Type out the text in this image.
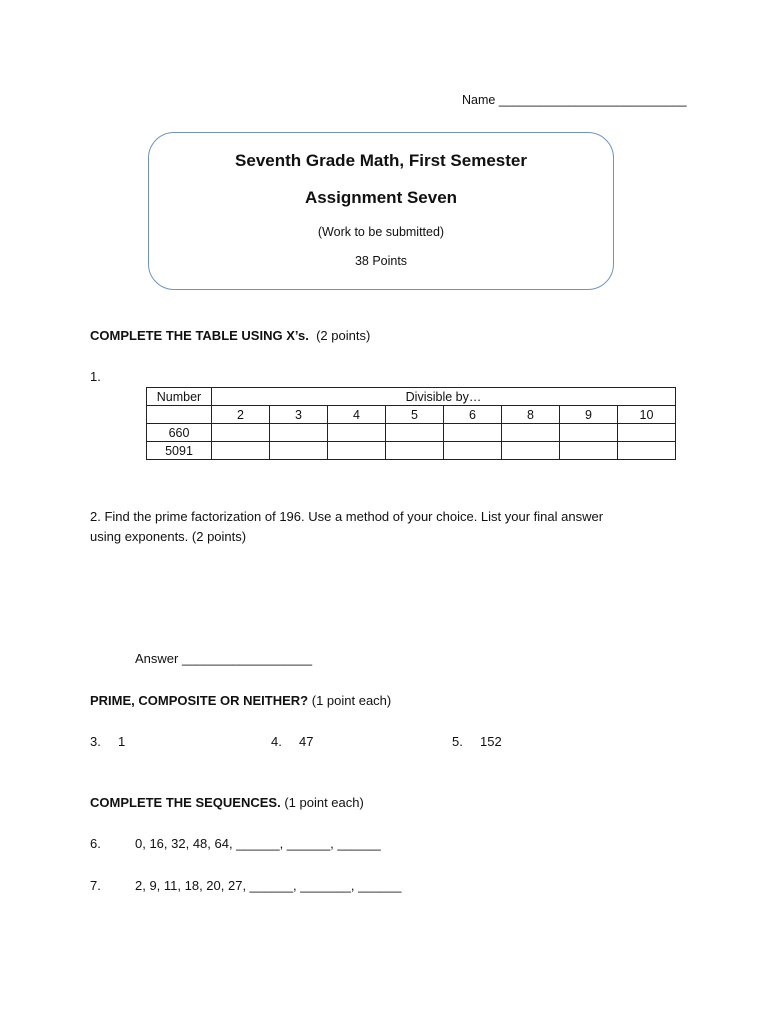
Name ___________________________
Seventh Grade Math, First Semester
Assignment Seven
(Work to be submitted)
38 Points
COMPLETE THE TABLE USING X’s. (2 points)
1.
Number	Divisible by…							
	2	3	4	5	6	8	9	10
660								
5091								
2. Find the prime factorization of 196. Use a method of your choice. List your final answer
using exponents. (2 points)
Answer __________________
PRIME, COMPOSITE OR NEITHER? (1 point each)
3. 1	4. 47	5. 152
COMPLETE THE SEQUENCES. (1 point each)
6.	0, 16, 32, 48, 64, ______, ______, ______
7.	2, 9, 11, 18, 20, 27, ______, _______, ______
